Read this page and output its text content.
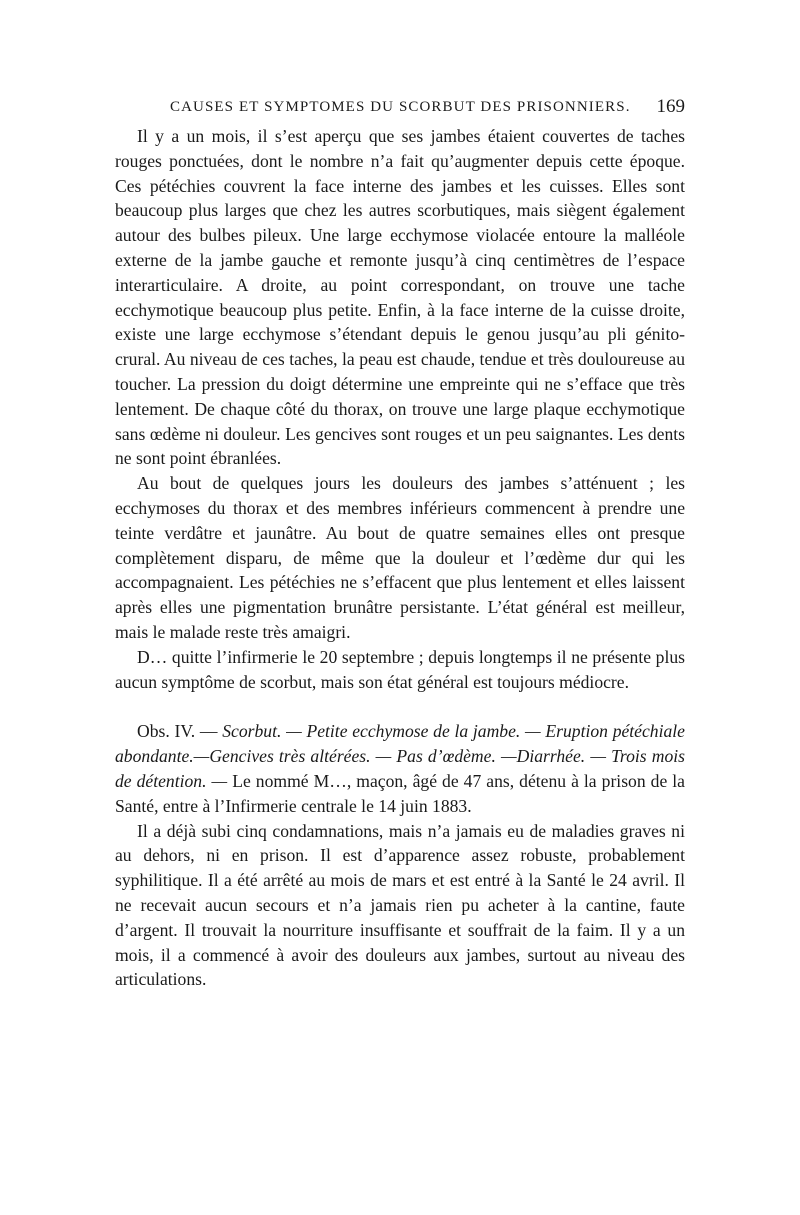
CAUSES ET SYMPTOMES DU SCORBUT DES PRISONNIERS. 169

Il y a un mois, il s’est aperçu que ses jambes étaient couvertes de taches rouges ponctuées, dont le nombre n’a fait qu’augmenter depuis cette époque. Ces pétéchies couvrent la face interne des jambes et les cuisses. Elles sont beaucoup plus larges que chez les autres scorbutiques, mais siègent également autour des bulbes pileux. Une large ecchymose violacée entoure la malléole externe de la jambe gauche et remonte jusqu’à cinq centimètres de l’espace interarticulaire. A droite, au point correspondant, on trouve une tache ecchymotique beaucoup plus petite. Enfin, à la face interne de la cuisse droite, existe une large ecchymose s’étendant depuis le genou jusqu’au pli génito-crural. Au niveau de ces taches, la peau est chaude, tendue et très douloureuse au toucher. La pression du doigt détermine une empreinte qui ne s’efface que très lentement. De chaque côté du thorax, on trouve une large plaque ecchymotique sans œdème ni douleur. Les gencives sont rouges et un peu saignantes. Les dents ne sont point ébranlées.

Au bout de quelques jours les douleurs des jambes s’atténuent ; les ecchymoses du thorax et des membres inférieurs commencent à prendre une teinte verdâtre et jaunâtre. Au bout de quatre semaines elles ont presque complètement disparu, de même que la douleur et l’œdème dur qui les accompagnaient. Les pétéchies ne s’effacent que plus lentement et elles laissent après elles une pigmentation brunâtre persistante. L’état général est meilleur, mais le malade reste très amaigri.

D… quitte l’infirmerie le 20 septembre ; depuis longtemps il ne présente plus aucun symptôme de scorbut, mais son état général est toujours médiocre.

Obs. IV. — Scorbut. — Petite ecchymose de la jambe. — Eruption pétéchiale abondante.—Gencives très altérées. — Pas d’œdème. —Diarrhée. — Trois mois de détention. — Le nommé M…, maçon, âgé de 47 ans, détenu à la prison de la Santé, entre à l’Infirmerie centrale le 14 juin 1883.

Il a déjà subi cinq condamnations, mais n’a jamais eu de maladies graves ni au dehors, ni en prison. Il est d’apparence assez robuste, probablement syphilitique. Il a été arrêté au mois de mars et est entré à la Santé le 24 avril. Il ne recevait aucun secours et n’a jamais rien pu acheter à la cantine, faute d’argent. Il trouvait la nourriture insuffisante et souffrait de la faim. Il y a un mois, il a commencé à avoir des douleurs aux jambes, surtout au niveau des articulations.
